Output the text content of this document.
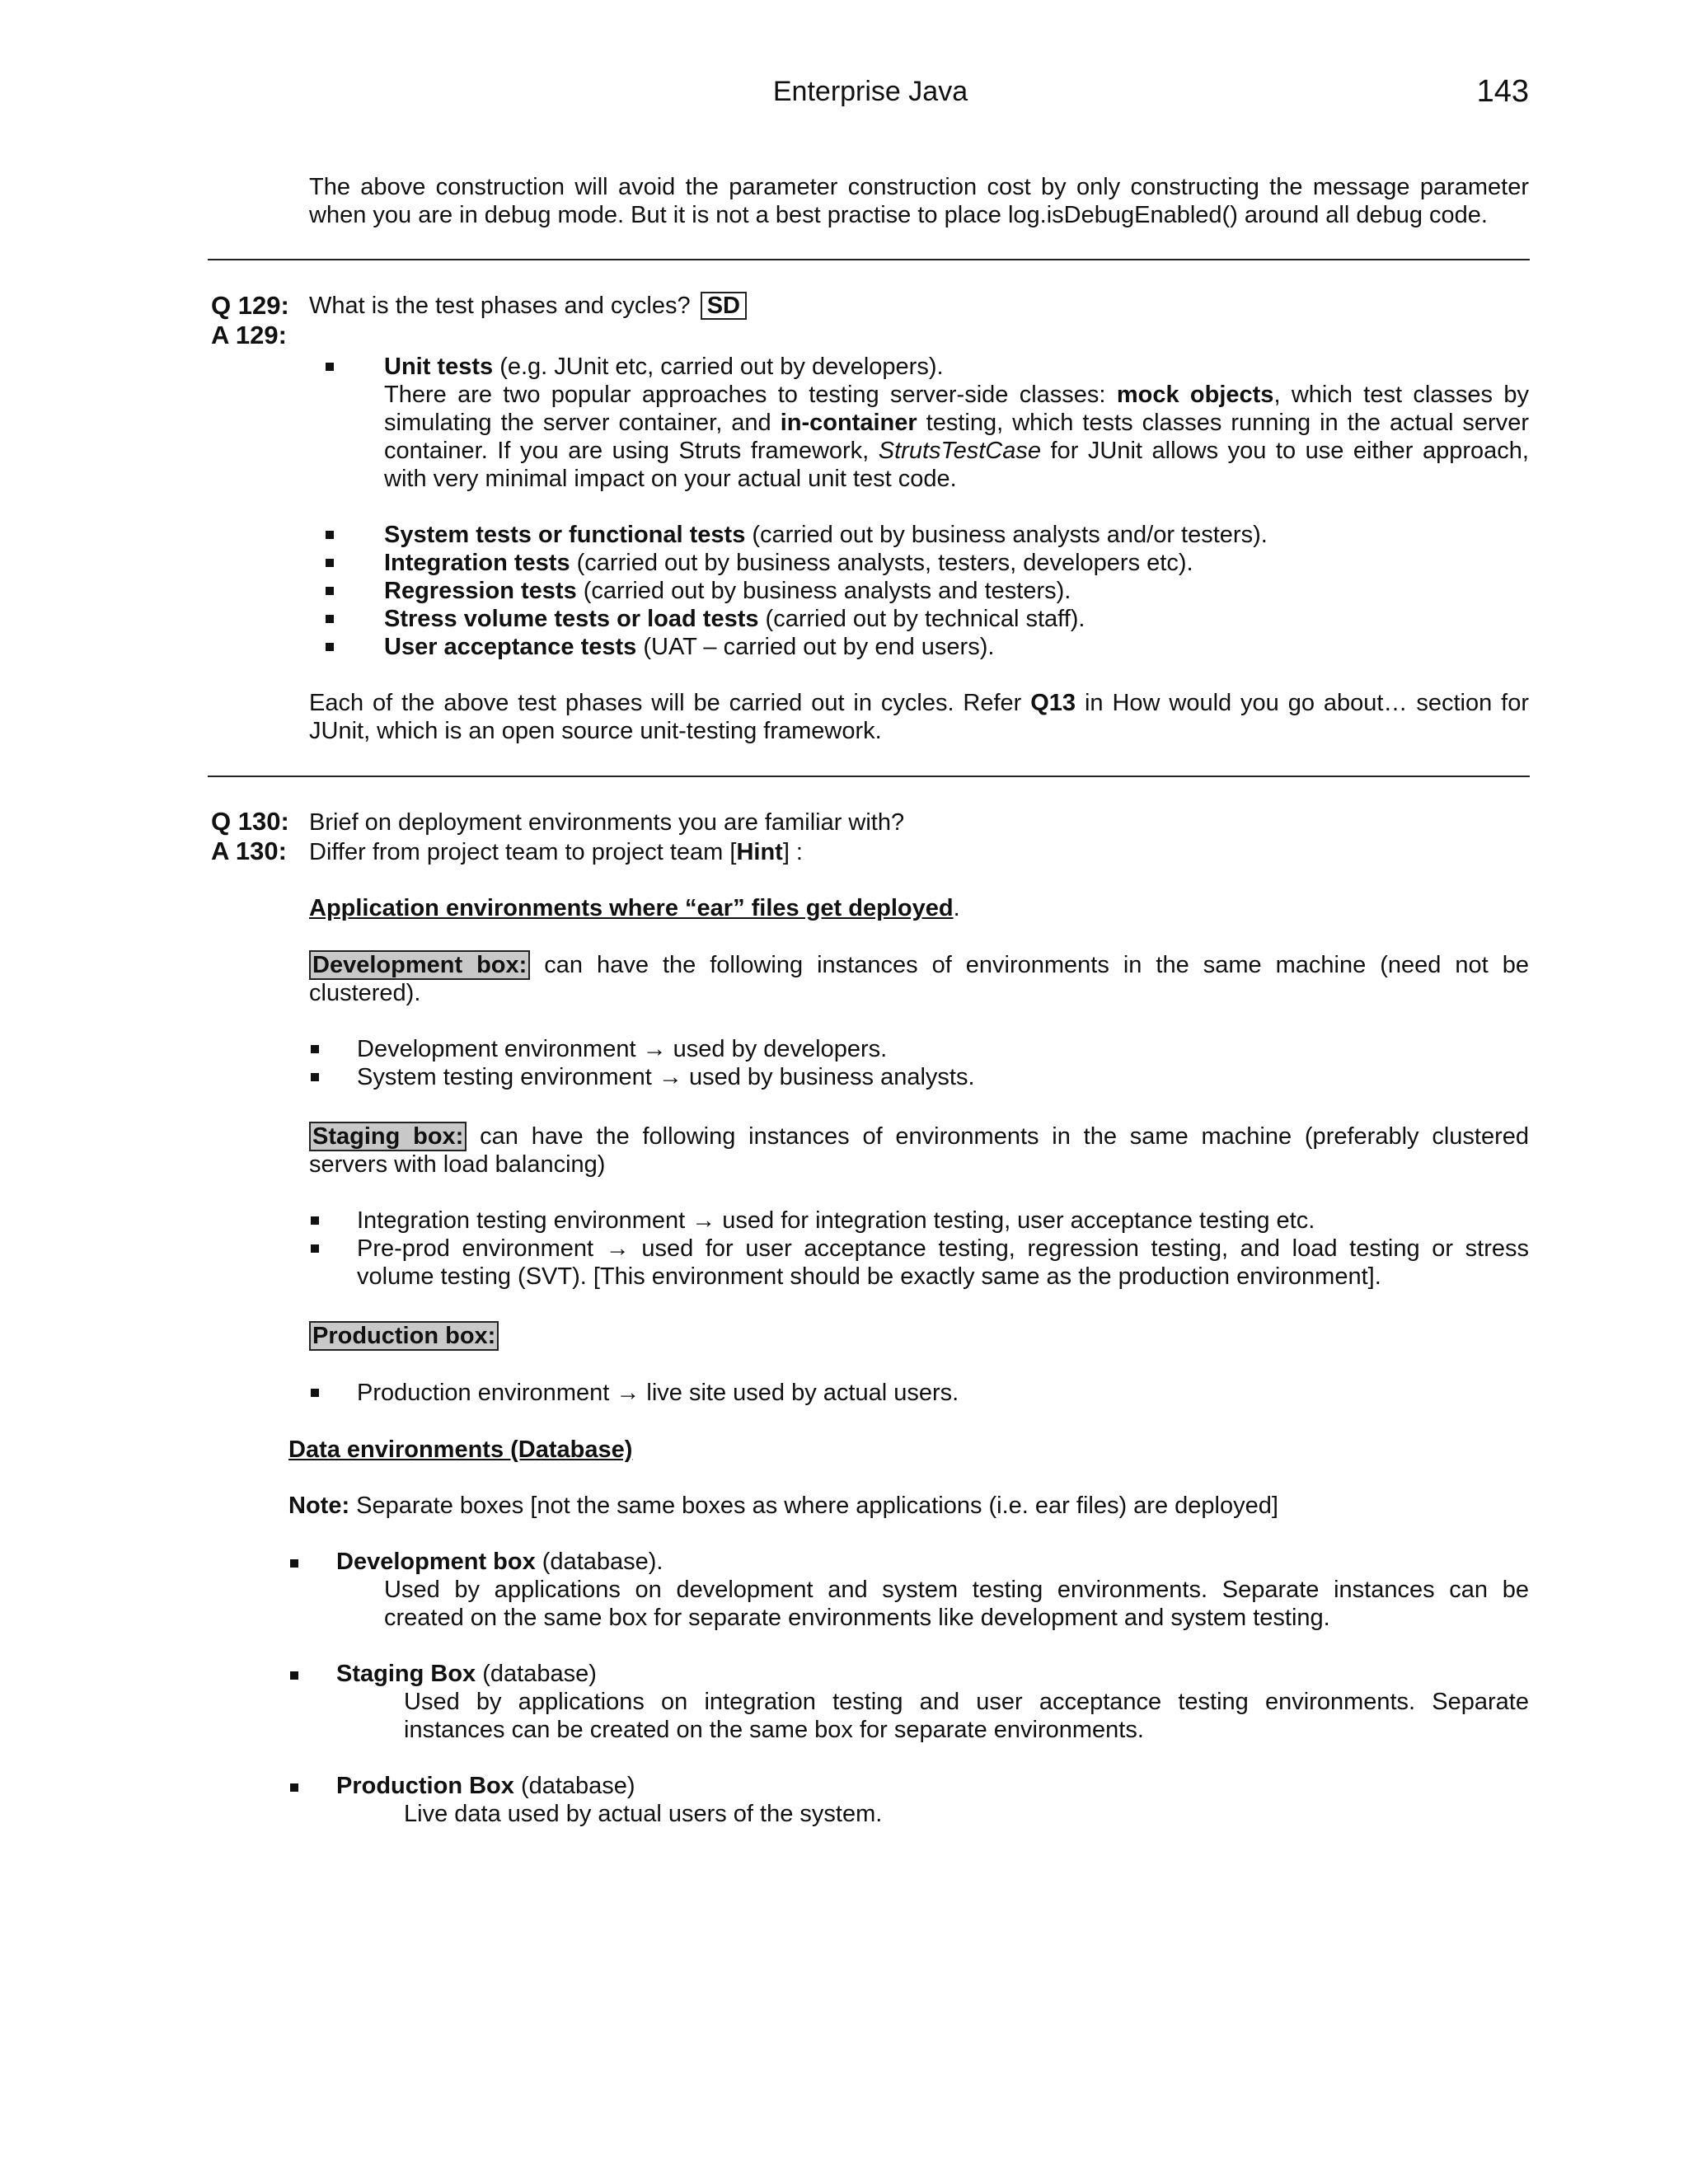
Enterprise Java	143
The above construction will avoid the parameter construction cost by only constructing the message parameter
when you are in debug mode. But it is not a best practise to place log.isDebugEnabled() around all debug code.
Q 129:
A 129:
What is the test phases and cycles? SD
Unit tests (e.g. JUnit etc, carried out by developers).
There are two popular approaches to testing server-side classes: mock objects, which test classes by
simulating the server container, and in-container testing, which tests classes running in the actual server
container. If you are using Struts framework, StrutsTestCase for JUnit allows you to use either approach,
with very minimal impact on your actual unit test code.
System tests or functional tests (carried out by business analysts and/or testers).
Integration tests (carried out by business analysts, testers, developers etc).
Regression tests (carried out by business analysts and testers).
Stress volume tests or load tests (carried out by technical staff).
User acceptance tests (UAT – carried out by end users).
Each of the above test phases will be carried out in cycles. Refer Q13 in How would you go about… section for
JUnit, which is an open source unit-testing framework.
Q 130:
A 130:
Brief on deployment environments you are familiar with?
Differ from project team to project team [Hint] :
Application environments where “ear” files get deployed.
Development box: can have the following instances of environments in the same machine (need not be
clustered).
Development environment → used by developers.
System testing environment → used by business analysts.
Staging box: can have the following instances of environments in the same machine (preferably clustered
servers with load balancing)
Integration testing environment → used for integration testing, user acceptance testing etc.
Pre-prod environment → used for user acceptance testing, regression testing, and load testing or stress
volume testing (SVT). [This environment should be exactly same as the production environment].
Production box:
Production environment → live site used by actual users.
Data environments (Database)
Note: Separate boxes [not the same boxes as where applications (i.e. ear files) are deployed]
Development box (database).
Used by applications on development and system testing environments. Separate instances can be
created on the same box for separate environments like development and system testing.
Staging Box (database)
Used by applications on integration testing and user acceptance testing environments. Separate
instances can be created on the same box for separate environments.
Production Box (database)
Live data used by actual users of the system.
